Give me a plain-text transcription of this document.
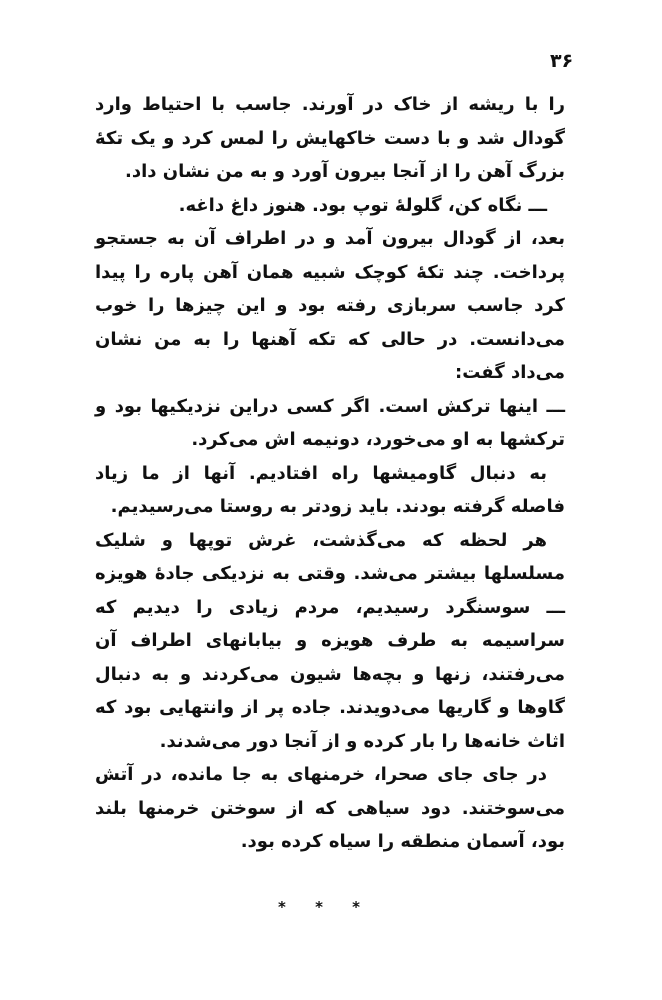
۳۶

را با ریشه از خاک در آورند. جاسب با احتیاط وارد گودال شد و با دست خاکهایش را لمس کرد و یک تکهٔ بزرگ آهن را از آنجا بیرون آورد و به من نشان داد.

ـــ نگاه کن، گلولهٔ توپ بود. هنوز داغ داغه.

بعد، از گودال بیرون آمد و در اطراف آن به جستجو پرداخت. چند تکهٔ کوچک شبیه همان آهن پاره را پیدا کرد جاسب سربازی رفته بود و این چیزها را خوب می‌دانست. در حالی که تکه آهنها را به من نشان می‌داد گفت:

ـــ اینها ترکش است. اگر کسی دراین نزدیکیها بود و ترکشها به او می‌خورد، دونیمه اش می‌کرد.

به دنبال گاومیشها راه افتادیم. آنها از ما زیاد فاصله گرفته بودند. باید زودتر به روستا می‌رسیدیم.

هر لحظه که می‌گذشت، غرش توپها و شلیک مسلسلها بیشتر می‌شد. وقتی به نزدیکی جادهٔ هویزه ـــ سوسنگرد رسیدیم، مردم زیادی را دیدیم که سراسیمه به طرف هویزه و بیابانهای اطراف آن می‌رفتند، زنها و بچه‌ها شیون می‌کردند و به دنبال گاوها و گاریها می‌دویدند. جاده پر از وانتهایی بود که اثاث خانه‌ها را بار کرده و از آنجا دور می‌شدند.

در جای جای صحرا، خرمنهای به جا مانده، در آتش می‌سوختند. دود سیاهی که از سوختن خرمنها بلند بود، آسمان منطقه را سیاه کرده بود.

* * *
